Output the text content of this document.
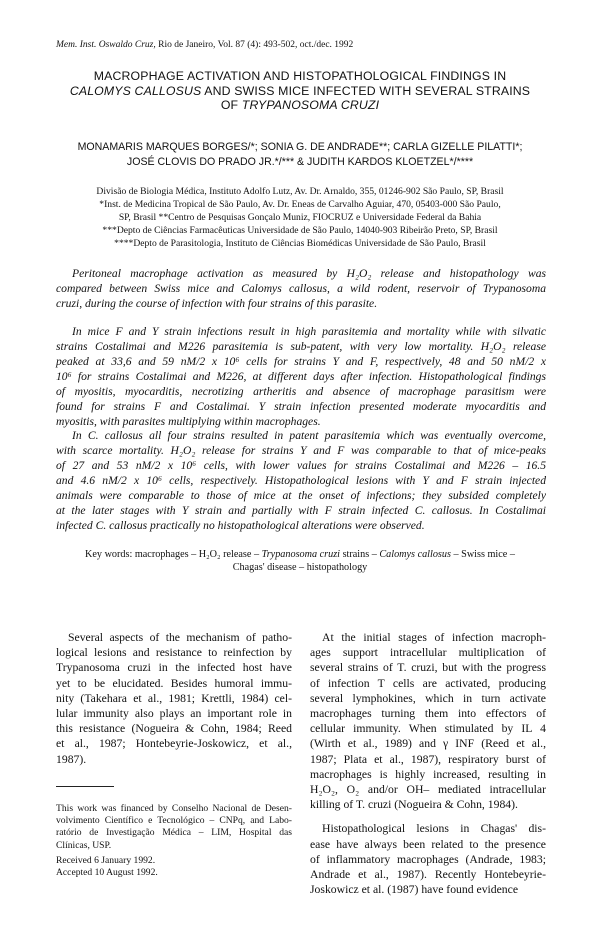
Mem. Inst. Oswaldo Cruz, Rio de Janeiro, Vol. 87 (4): 493-502, oct./dec. 1992
MACROPHAGE ACTIVATION AND HISTOPATHOLOGICAL FINDINGS IN
CALOMYS CALLOSUS AND SWISS MICE INFECTED WITH SEVERAL STRAINS
OF TRYPANOSOMA CRUZI
MONAMARIS MARQUES BORGES/*; SONIA G. DE ANDRADE**; CARLA GIZELLE PILATTI*;
JOSÉ CLOVIS DO PRADO JR.*/*** & JUDITH KARDOS KLOETZEL*/****
Divisão de Biologia Médica, Instituto Adolfo Lutz, Av. Dr. Arnaldo, 355, 01246-902 São Paulo, SP, Brasil
*Inst. de Medicina Tropical de São Paulo, Av. Dr. Eneas de Carvalho Aguiar, 470, 05403-000 São Paulo,
SP, Brasil **Centro de Pesquisas Gonçalo Muniz, FIOCRUZ e Universidade Federal da Bahia
***Depto de Ciências Farmacêuticas Universidade de São Paulo, 14040-903 Ribeirão Preto, SP, Brasil
****Depto de Parasitologia, Instituto de Ciências Biomédicas Universidade de São Paulo, Brasil
Peritoneal macrophage activation as measured by H₂O₂ release and histopathology was
compared between Swiss mice and Calomys callosus, a wild rodent, reservoir of Trypanosoma
cruzi, during the course of infection with four strains of this parasite.
In mice F and Y strain infections result in high parasitemia and mortality while with silvatic
strains Costalimai and M226 parasitemia is sub-patent, with very low mortality. H₂O₂ release
peaked at 33,6 and 59 nM/2 x 10⁶ cells for strains Y and F, respectively, 48 and 50 nM/2 x
10⁶ for strains Costalimai and M226, at different days after infection. Histopathological findings
of myositis, myocarditis, necrotizing artheritis and absence of macrophage parasitism were
found for strains F and Costalimai. Y strain infection presented moderate myocarditis and
myositis, with parasites multiplying within macrophages.
In C. callosus all four strains resulted in patent parasitemia which was eventually overcome,
with scarce mortality. H₂O₂ release for strains Y and F was comparable to that of mice-peaks
of 27 and 53 nM/2 x 10⁶ cells, with lower values for strains Costalimai and M226 – 16.5
and 4.6 nM/2 x 10⁶ cells, respectively. Histopathological lesions with Y and F strain injected
animals were comparable to those of mice at the onset of infections; they subsided completely
at the later stages with Y strain and partially with F strain infected C. callosus. In Costalimai
infected C. callosus practically no histopathological alterations were observed.
Key words: macrophages – H₂O₂ release – Trypanosoma cruzi strains – Calomys callosus – Swiss mice –
Chagas' disease – histopathology
Several aspects of the mechanism of patho-
logical lesions and resistance to reinfection by
Trypanosoma cruzi in the infected host have
yet to be elucidated. Besides humoral immu-
nity (Takehara et al., 1981; Krettli, 1984) cel-
lular immunity also plays an important role in
this resistance (Nogueira & Cohn, 1984; Reed
et al., 1987; Hontebeyrie-Joskowicz, et al.,
1987).
At the initial stages of infection macroph-
ages support intracellular multiplication of
several strains of T. cruzi, but with the progress
of infection T cells are activated, producing
several lymphokines, which in turn activate
macrophages turning them into effectors of
cellular immunity. When stimulated by IL 4
(Wirth et al., 1989) and γ INF (Reed et al.,
1987; Plata et al., 1987), respiratory burst of
macrophages is highly increased, resulting in
H₂O₂, O₂ and/or OH– mediated intracellular
killing of T. cruzi (Nogueira & Cohn, 1984).
Histopathological lesions in Chagas' dis-
ease have always been related to the presence
of inflammatory macrophages (Andrade, 1983;
Andrade et al., 1987). Recently Hontebeyrie-
Joskowicz et al. (1987) have found evidence
This work was financed by Conselho Nacional de Desen-
volvimento Científico e Tecnológico – CNPq, and Labo-
ratório de Investigação Médica – LIM, Hospital das
Clínicas, USP.
Received 6 January 1992.
Accepted 10 August 1992.
